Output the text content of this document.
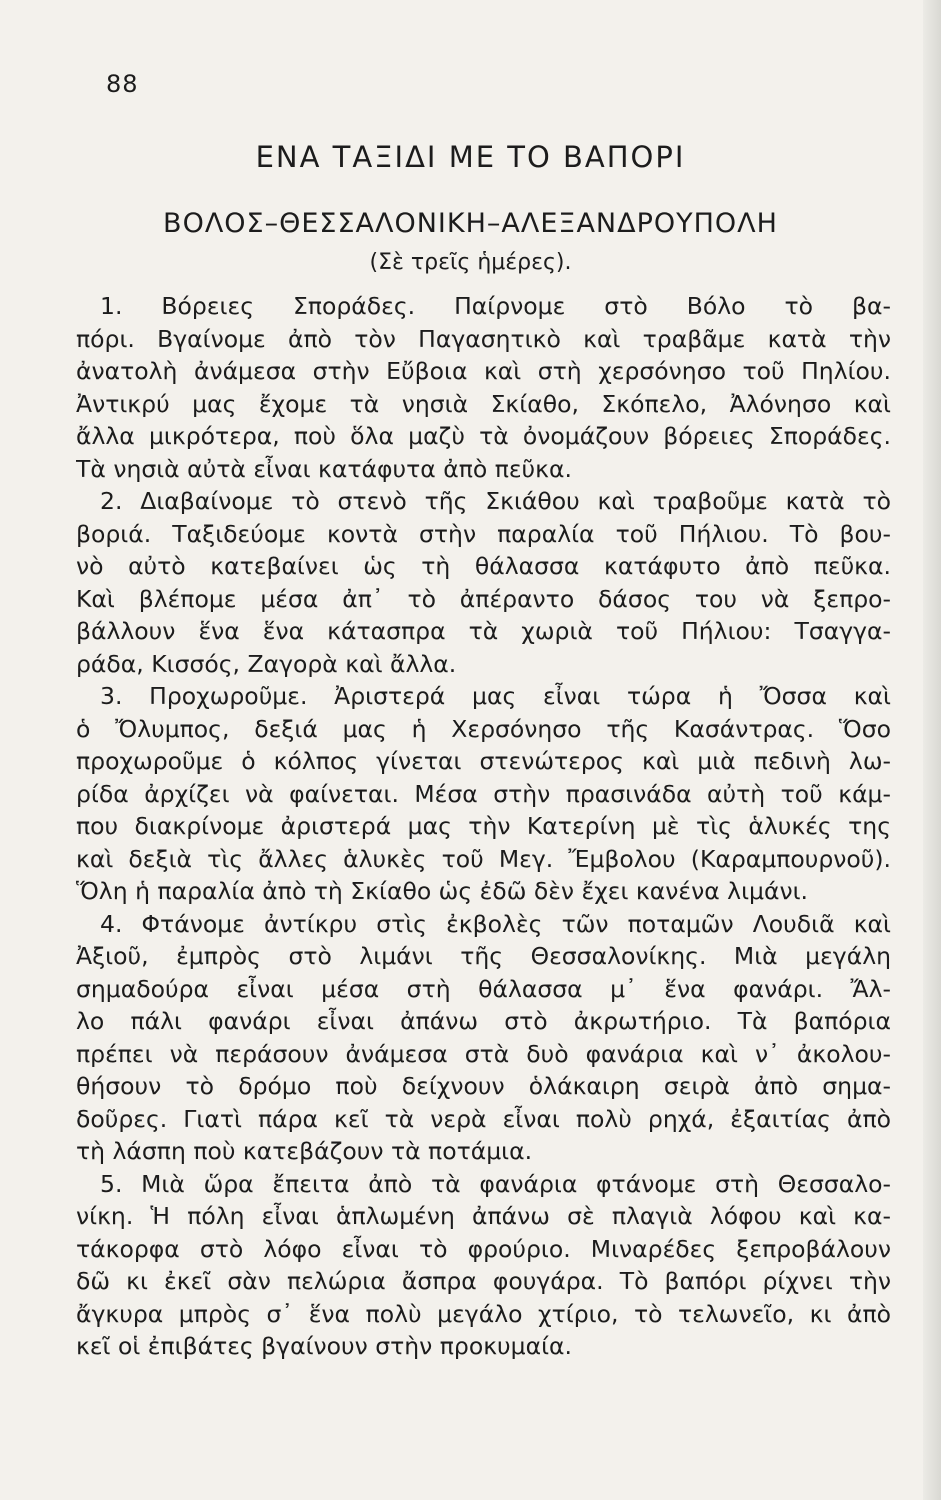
88
ΕΝΑ ΤΑΞΙΔΙ ΜΕ ΤΟ ΒΑΠΟΡΙ
ΒΟΛΟΣ–ΘΕΣΣΑΛΟΝΙΚΗ–ΑΛΕΞΑΝΔΡΟΥΠΟΛΗ
(Σὲ τρεῖς ἡμέρες).
1. Βόρειες Σποράδες. Παίρνομε στὸ Βόλο τὸ βα-
πόρι. Βγαίνομε ἀπὸ τὸν Παγασητικὸ καὶ τραβᾶμε κατὰ τὴν
ἀνατολὴ ἀνάμεσα στὴν Εὔβοια καὶ στὴ χερσόνησο τοῦ Πηλίου.
Ἀντικρύ μας ἔχομε τὰ νησιὰ Σκίαθο, Σκόπελο, Ἀλόνησο καὶ
ἄλλα μικρότερα, ποὺ ὅλα μαζὺ τὰ ὀνομάζουν βόρειες Σποράδες.
Τὰ νησιὰ αὐτὰ εἶναι κατάφυτα ἀπὸ πεῦκα.
2. Διαβαίνομε τὸ στενὸ τῆς Σκιάθου καὶ τραβοῦμε κατὰ τὸ
βοριά. Ταξιδεύομε κοντὰ στὴν παραλία τοῦ Πήλιου. Τὸ βου-
νὸ αὐτὸ κατεβαίνει ὡς τὴ θάλασσα κατάφυτο ἀπὸ πεῦκα.
Καὶ βλέπομε μέσα ἀπ᾽ τὸ ἀπέραντο δάσος του νὰ ξεπρο-
βάλλουν ἕνα ἕνα κάτασπρα τὰ χωριὰ τοῦ Πήλιου: Τσαγγα-
ράδα, Κισσός, Ζαγορὰ καὶ ἄλλα.
3. Προχωροῦμε. Ἀριστερά μας εἶναι τώρα ἡ Ὄσσα καὶ
ὁ Ὄλυμπος, δεξιά μας ἡ Χερσόνησο τῆς Κασάντρας. Ὅσο
προχωροῦμε ὁ κόλπος γίνεται στενώτερος καὶ μιὰ πεδινὴ λω-
ρίδα ἀρχίζει νὰ φαίνεται. Μέσα στὴν πρασινάδα αὐτὴ τοῦ κάμ-
που διακρίνομε ἀριστερά μας τὴν Κατερίνη μὲ τὶς ἁλυκές της
καὶ δεξιὰ τὶς ἄλλες ἁλυκὲς τοῦ Μεγ. Ἔμβολου (Καραμπουρνοῦ).
Ὅλη ἡ παραλία ἀπὸ τὴ Σκίαθο ὡς ἐδῶ δὲν ἔχει κανένα λιμάνι.
4. Φτάνομε ἀντίκρυ στὶς ἐκβολὲς τῶν ποταμῶν Λουδιᾶ καὶ
Ἀξιοῦ, ἐμπρὸς στὸ λιμάνι τῆς Θεσσαλονίκης. Μιὰ μεγάλη
σημαδούρα εἶναι μέσα στὴ θάλασσα μ᾽ ἕνα φανάρι. Ἄλ-
λο πάλι φανάρι εἶναι ἀπάνω στὸ ἀκρωτήριο. Τὰ βαπόρια
πρέπει νὰ περάσουν ἀνάμεσα στὰ δυὸ φανάρια καὶ ν᾽ ἀκολου-
θήσουν τὸ δρόμο ποὺ δείχνουν ὁλάκαιρη σειρὰ ἀπὸ σημα-
δοῦρες. Γιατὶ πάρα κεῖ τὰ νερὰ εἶναι πολὺ ρηχά, ἐξαιτίας ἀπὸ
τὴ λάσπη ποὺ κατεβάζουν τὰ ποτάμια.
5. Μιὰ ὥρα ἔπειτα ἀπὸ τὰ φανάρια φτάνομε στὴ Θεσσαλο-
νίκη. Ἡ πόλη εἶναι ἁπλωμένη ἀπάνω σὲ πλαγιὰ λόφου καὶ κα-
τάκορφα στὸ λόφο εἶναι τὸ φρούριο. Μιναρέδες ξεπροβάλουν
δῶ κι ἐκεῖ σὰν πελώρια ἄσπρα φουγάρα. Τὸ βαπόρι ρίχνει τὴν
ἄγκυρα μπρὸς σ᾽ ἕνα πολὺ μεγάλο χτίριο, τὸ τελωνεῖο, κι ἀπὸ
κεῖ οἱ ἐπιβάτες βγαίνουν στὴν προκυμαία.
